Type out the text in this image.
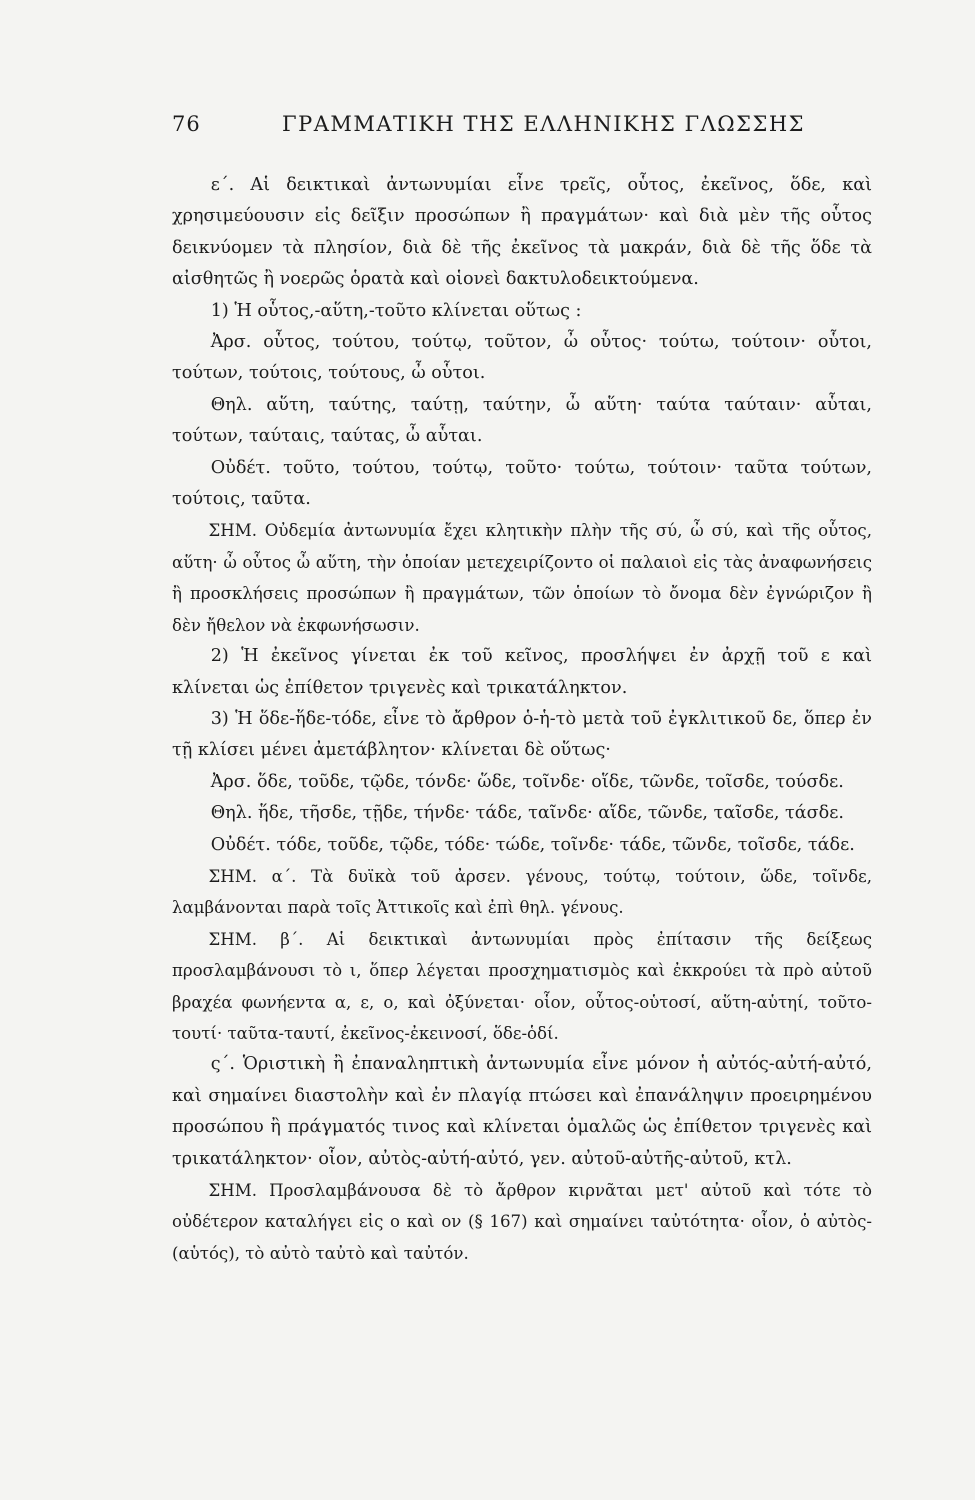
76	ΓΡΑΜΜΑΤΙΚΗ ΤΗΣ ΕΛΛΗΝΙΚΗΣ ΓΛΩΣΣΗΣ

ε΄. Αἱ δεικτικαὶ ἀντωνυμίαι εἶνε τρεῖς, οὗτος, ἐκεῖνος, ὅδε, καὶ χρησιμεύουσιν εἰς δεῖξιν προσώπων ἢ πραγμάτων· καὶ διὰ μὲν τῆς οὗτος δεικνύομεν τὰ πλησίον, διὰ δὲ τῆς ἐκεῖνος τὰ μακράν, διὰ δὲ τῆς ὅδε τὰ αἰσθητῶς ἢ νοερῶς ὁρατὰ καὶ οἱονεὶ δακτυλοδεικτούμενα.

1) Ἡ οὗτος,-αὕτη,-τοῦτο κλίνεται οὕτως :

Ἀρσ. οὗτος, τούτου, τούτῳ, τοῦτον, ὦ οὗτος· τούτω, τούτοιν· οὗτοι, τούτων, τούτοις, τούτους, ὦ οὗτοι.

Θηλ. αὕτη, ταύτης, ταύτῃ, ταύτην, ὦ αὕτη· ταύτα ταύταιν· αὗται, τούτων, ταύταις, ταύτας, ὦ αὗται.

Οὐδέτ. τοῦτο, τούτου, τούτῳ, τοῦτο· τούτω, τούτοιν· ταῦτα τούτων, τούτοις, ταῦτα.

ΣΗΜ. Οὐδεμία ἀντωνυμία ἔχει κλητικὴν πλὴν τῆς σύ, ὦ σύ, καὶ τῆς οὗτος, αὕτη· ὦ οὗτος ὦ αὕτη, τὴν ὁποίαν μετεχειρίζοντο οἱ παλαιοὶ εἰς τὰς ἀναφωνήσεις ἢ προσκλήσεις προσώπων ἢ πραγμάτων, τῶν ὁποίων τὸ ὄνομα δὲν ἐγνώριζον ἢ δὲν ἤθελον νὰ ἐκφωνήσωσιν.

2) Ἡ ἐκεῖνος γίνεται ἐκ τοῦ κεῖνος, προσλήψει ἐν ἀρχῇ τοῦ ε καὶ κλίνεται ὡς ἐπίθετον τριγενὲς καὶ τρικατάληκτον.

3) Ἡ ὅδε-ἥδε-τόδε, εἶνε τὸ ἄρθρον ὁ-ἡ-τὸ μετὰ τοῦ ἐγκλιτικοῦ δε, ὅπερ ἐν τῇ κλίσει μένει ἀμετάβλητον· κλίνεται δὲ οὕτως·

Ἀρσ. ὅδε, τοῦδε, τῷδε, τόνδε· ὥδε, τοῖνδε· οἵδε, τῶνδε, τοῖσδε, τούσδε.

Θηλ. ἥδε, τῆσδε, τῇδε, τήνδε· τάδε, ταῖνδε· αἵδε, τῶνδε, ταῖσδε, τάσδε.

Οὐδέτ. τόδε, τοῦδε, τῷδε, τόδε· τώδε, τοῖνδε· τάδε, τῶνδε, τοῖσδε, τάδε.

ΣΗΜ. α΄. Τὰ δυϊκὰ τοῦ ἀρσεν. γένους, τούτῳ, τούτοιν, ὥδε, τοῖνδε, λαμβάνονται παρὰ τοῖς Ἀττικοῖς καὶ ἐπὶ θηλ. γένους.

ΣΗΜ. β΄. Αἱ δεικτικαὶ ἀντωνυμίαι πρὸς ἐπίτασιν τῆς δείξεως προσλαμβάνουσι τὸ ι, ὅπερ λέγεται προσχηματισμὸς καὶ ἐκκρούει τὰ πρὸ αὐτοῦ βραχέα φωνήεντα α, ε, ο, καὶ ὀξύνεται· οἷον, οὗτος-οὑτοσί, αὕτη-αὑτηί, τοῦτο-τουτί· ταῦτα-ταυτί, ἐκεῖνος-ἐκεινοσί, ὅδε-ὁδί.

ς΄. Ὁριστικὴ ἢ ἐπαναληπτικὴ ἀντωνυμία εἶνε μόνον ἡ αὐτός-αὐτή-αὐτό, καὶ σημαίνει διαστολὴν καὶ ἐν πλαγίᾳ πτώσει καὶ ἐπανάληψιν προειρημένου προσώπου ἢ πράγματός τινος καὶ κλίνεται ὁμαλῶς ὡς ἐπίθετον τριγενὲς καὶ τρικατάληκτον· οἷον, αὐτὸς-αὐτή-αὐτό, γεν. αὐτοῦ-αὐτῆς-αὐτοῦ, κτλ.

ΣΗΜ. Προσλαμβάνουσα δὲ τὸ ἄρθρον κιρνᾶται μετ' αὐτοῦ καὶ τότε τὸ οὐδέτερον καταλήγει εἰς ο καὶ ον (§ 167) καὶ σημαίνει ταὐτότητα· οἷον, ὁ αὐτὸς-(αὑτός), τὸ αὐτὸ ταὐτὸ καὶ ταὐτόν.
